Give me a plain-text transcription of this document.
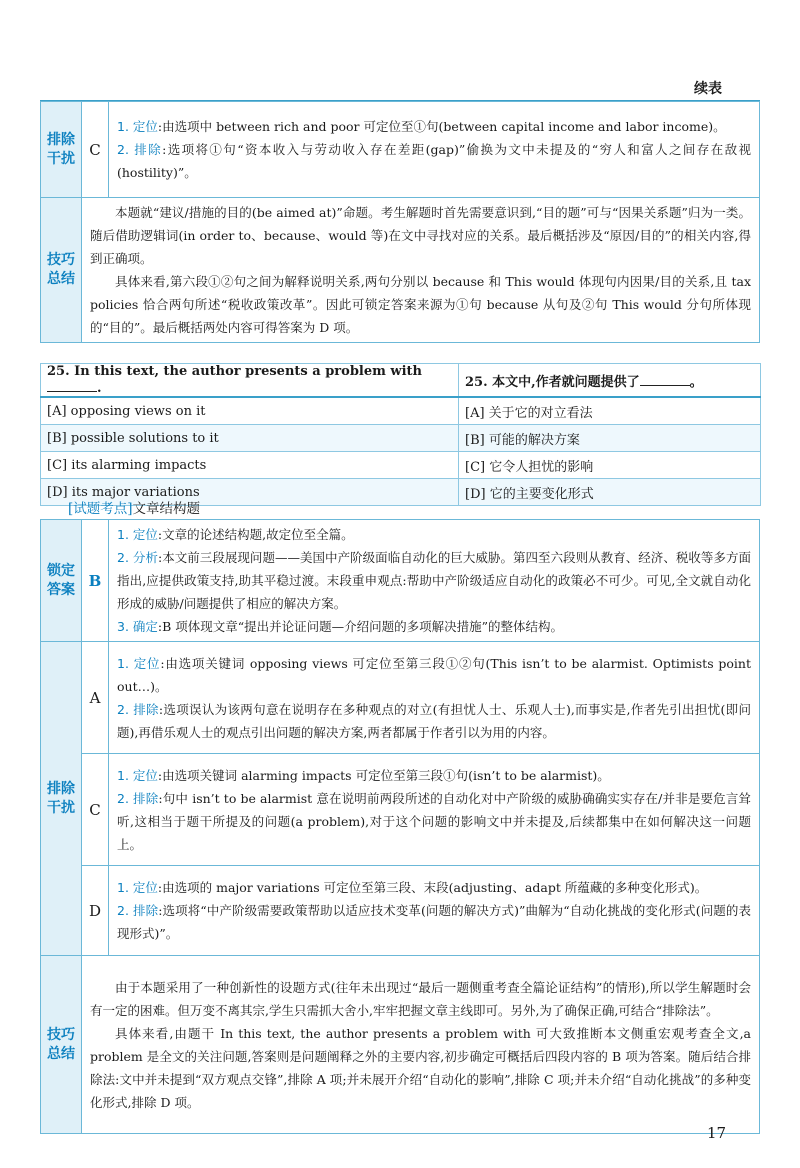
续表
排除干扰	C	1. 定位:由选项中 between rich and poor 可定位至①句(between capital income and labor income)。

2. 排除:选项将①句“资本收入与劳动收入存在差距(gap)”偷换为文中未提及的“穷人和富人之间存在敌视(hostility)”。

技巧总结	本题就“建议/措施的目的(be aimed at)”命题。考生解题时首先需要意识到,“目的题”可与“因果关系题”归为一类。随后借助逻辑词(in order to、because、would 等)在文中寻找对应的关系。最后概括涉及“原因/目的”的相关内容,得到正确项。

具体来看,第六段①②句之间为解释说明关系,两句分别以 because 和 This would 体现句内因果/目的关系,且 tax policies 恰合两句所述“税收政策改革”。因此可锁定答案来源为①句 because 从句及②句 This would 分句所体现的“目的”。最后概括两处内容可得答案为 D 项。	

25. In this text, the author presents a problem with .	25. 本文中,作者就问题提供了 。
[A] opposing views on it	[A] 关于它的对立看法
[B] possible solutions to it	[B] 可能的解决方案
[C] its alarming impacts	[C] 它令人担忧的影响
[D] its major variations	[D] 它的主要变化形式
[试题考点]文章结构题
锁定答案	B	1. 定位:文章的论述结构题,故定位至全篇。

2. 分析:本文前三段展现问题——美国中产阶级面临自动化的巨大威胁。第四至六段则从教育、经济、税收等多方面指出,应提供政策支持,助其平稳过渡。末段重申观点:帮助中产阶级适应自动化的政策必不可少。可见,全文就自动化形成的威胁/问题提供了相应的解决方案。

3. 确定:B 项体现文章“提出并论证问题—介绍问题的多项解决措施”的整体结构。

排除干扰	A	1. 定位:由选项关键词 opposing views 可定位至第三段①②句(This isn’t to be alarmist. Optimists point out…)。

2. 排除:选项误认为该两句意在说明存在多种观点的对立(有担忧人士、乐观人士),而事实是,作者先引出担忧(即问题),再借乐观人士的观点引出问题的解决方案,两者都属于作者引以为用的内容。

	C	1. 定位:由选项关键词 alarming impacts 可定位至第三段①句(isn’t to be alarmist)。

2. 排除:句中 isn’t to be alarmist 意在说明前两段所述的自动化对中产阶级的威胁确确实实存在/并非是要危言耸听,这相当于题干所提及的问题(a problem),对于这个问题的影响文中并未提及,后续都集中在如何解决这一问题上。

	D	1. 定位:由选项的 major variations 可定位至第三段、末段(adjusting、adapt 所蕴藏的多种变化形式)。

2. 排除:选项将“中产阶级需要政策帮助以适应技术变革(问题的解决方式)”曲解为“自动化挑战的变化形式(问题的表现形式)”。

技巧总结	由于本题采用了一种创新性的设题方式(往年未出现过“最后一题侧重考查全篇论证结构”的情形),所以学生解题时会有一定的困难。但万变不离其宗,学生只需抓大舍小,牢牢把握文章主线即可。另外,为了确保正确,可结合“排除法”。

具体来看,由题干 In this text, the author presents a problem with 可大致推断本文侧重宏观考查全文,a problem 是全文的关注问题,答案则是问题阐释之外的主要内容,初步确定可概括后四段内容的 B 项为答案。随后结合排除法:文中并未提到“双方观点交锋”,排除 A 项;并未展开介绍“自动化的影响”,排除 C 项;并未介绍“自动化挑战”的多种变化形式,排除 D 项。	

17
